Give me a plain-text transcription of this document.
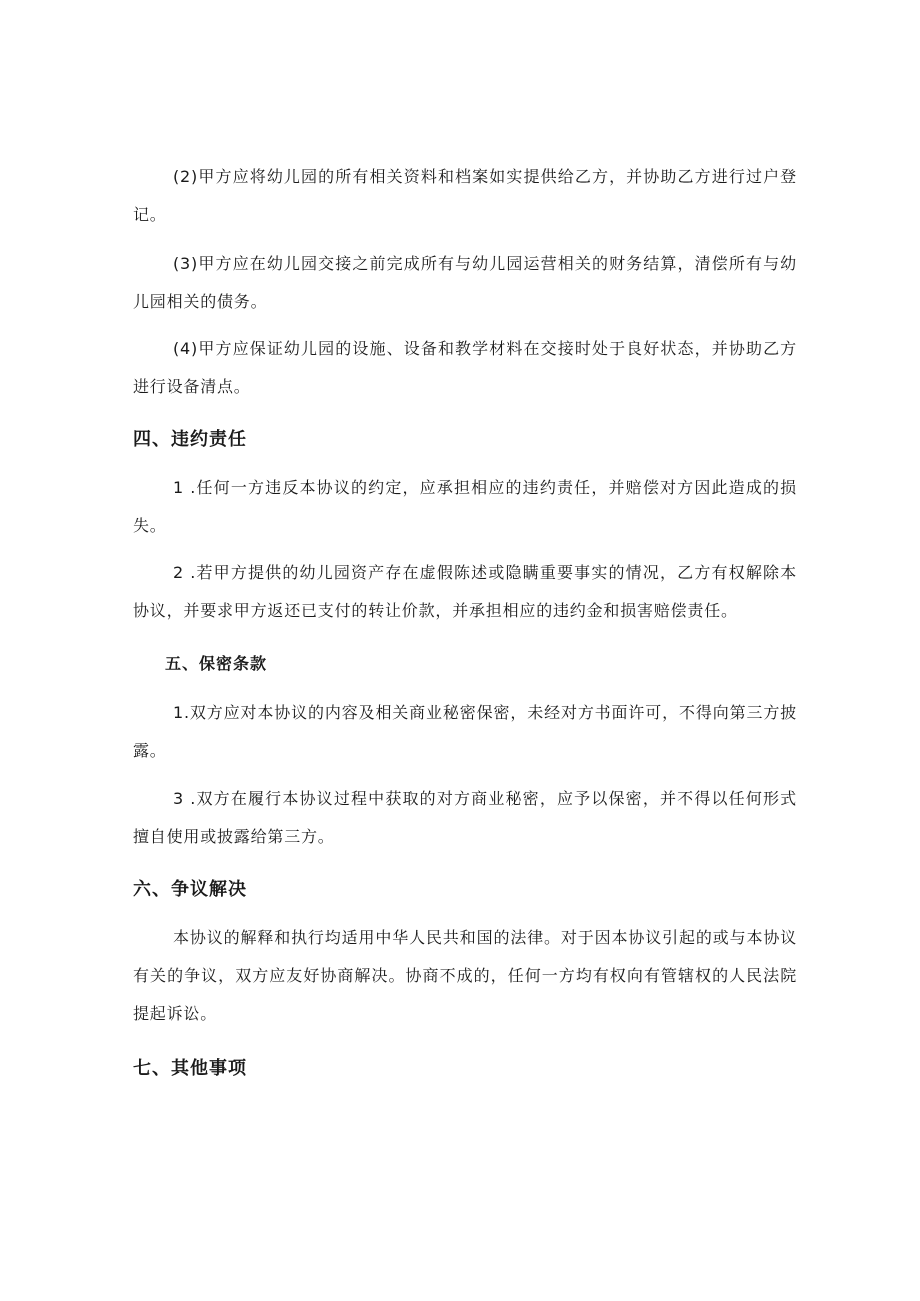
(2)甲方应将幼儿园的所有相关资料和档案如实提供给乙方，并协助乙方进行过户登记。

(3)甲方应在幼儿园交接之前完成所有与幼儿园运营相关的财务结算，清偿所有与幼儿园相关的债务。

(4)甲方应保证幼儿园的设施、设备和教学材料在交接时处于良好状态，并协助乙方进行设备清点。

四、违约责任

1 .任何一方违反本协议的约定，应承担相应的违约责任，并赔偿对方因此造成的损失。

2 .若甲方提供的幼儿园资产存在虚假陈述或隐瞒重要事实的情况，乙方有权解除本协议，并要求甲方返还已支付的转让价款，并承担相应的违约金和损害赔偿责任。

五、保密条款

1.双方应对本协议的内容及相关商业秘密保密，未经对方书面许可，不得向第三方披露。

3 .双方在履行本协议过程中获取的对方商业秘密，应予以保密，并不得以任何形式擅自使用或披露给第三方。

六、争议解决

本协议的解释和执行均适用中华人民共和国的法律。对于因本协议引起的或与本协议有关的争议，双方应友好协商解决。协商不成的，任何一方均有权向有管辖权的人民法院提起诉讼。

七、其他事项
